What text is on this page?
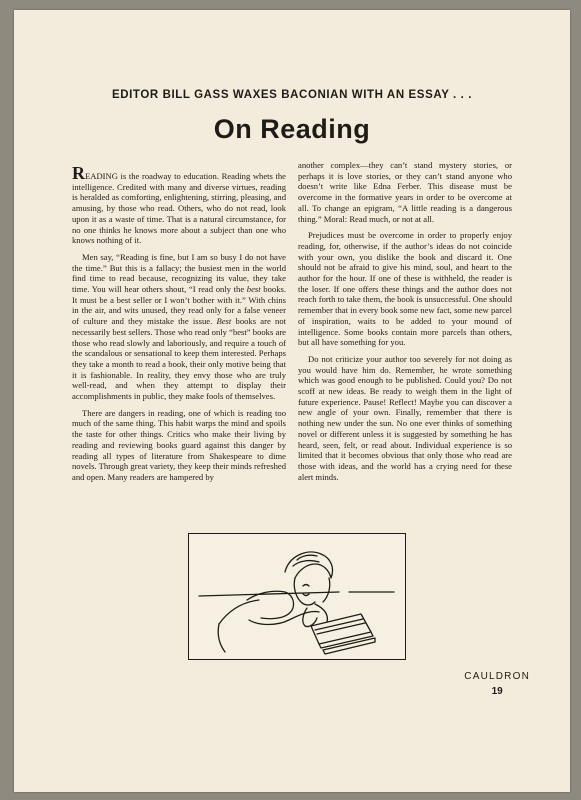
EDITOR BILL GASS WAXES BACONIAN WITH AN ESSAY . . .
On Reading

READING is the roadway to education. Reading whets the intelligence. Credited with many and diverse virtues, reading is heralded as comforting, enlightening, stirring, pleasing, and amusing, by those who read. Others, who do not read, look upon it as a waste of time. That is a natural circumstance, for no one thinks he knows more about a subject than one who knows nothing of it.

Men say, “Reading is fine, but I am so busy I do not have the time.” But this is a fallacy; the busiest men in the world find time to read because, recognizing its value, they take time. You will hear others shout, “I read only the best books. It must be a best seller or I won’t bother with it.” With chins in the air, and wits unused, they read only for a false veneer of culture and they mistake the issue. Best books are not necessarily best sellers. Those who read only “best” books are those who read slowly and laboriously, and require a touch of the scandalous or sensational to keep them interested. Perhaps they take a month to read a book, their only motive being that it is fashionable. In reality, they envy those who are truly well-read, and when they attempt to display their accomplishments in public, they make fools of themselves.

There are dangers in reading, one of which is reading too much of the same thing. This habit warps the mind and spoils the taste for other things. Critics who make their living by reading and reviewing books guard against this danger by reading all types of literature from Shakespeare to dime novels. Through great variety, they keep their minds refreshed and open. Many readers are hampered by

another complex—they can’t stand mystery stories, or perhaps it is love stories, or they can’t stand anyone who doesn’t write like Edna Ferber. This disease must be overcome in the formative years in order to be overcome at all. To change an epigram, “A little reading is a dangerous thing.” Moral: Read much, or not at all.

Prejudices must be overcome in order to properly enjoy reading, for, otherwise, if the author’s ideas do not coincide with your own, you dislike the book and discard it. One should not be afraid to give his mind, soul, and heart to the author for the hour. If one of these is withheld, the reader is the loser. If one offers these things and the author does not reach forth to take them, the book is unsuccessful. One should remember that in every book some new fact, some new parcel of inspiration, waits to be added to your mound of intelligence. Some books contain more parcels than others, but all have something for you.

Do not criticize your author too severely for not doing as you would have him do. Remember, he wrote something which was good enough to be published. Could you? Do not scoff at new ideas. Be ready to weigh them in the light of future experience. Pause! Reflect! Maybe you can discover a new angle of your own. Finally, remember that there is nothing new under the sun. No one ever thinks of something novel or different unless it is suggested by something he has heard, seen, felt, or read about. Individual experience is so limited that it becomes obvious that only those who read are those with ideas, and the world has a crying need for these alert minds.

CAULDRON
19
